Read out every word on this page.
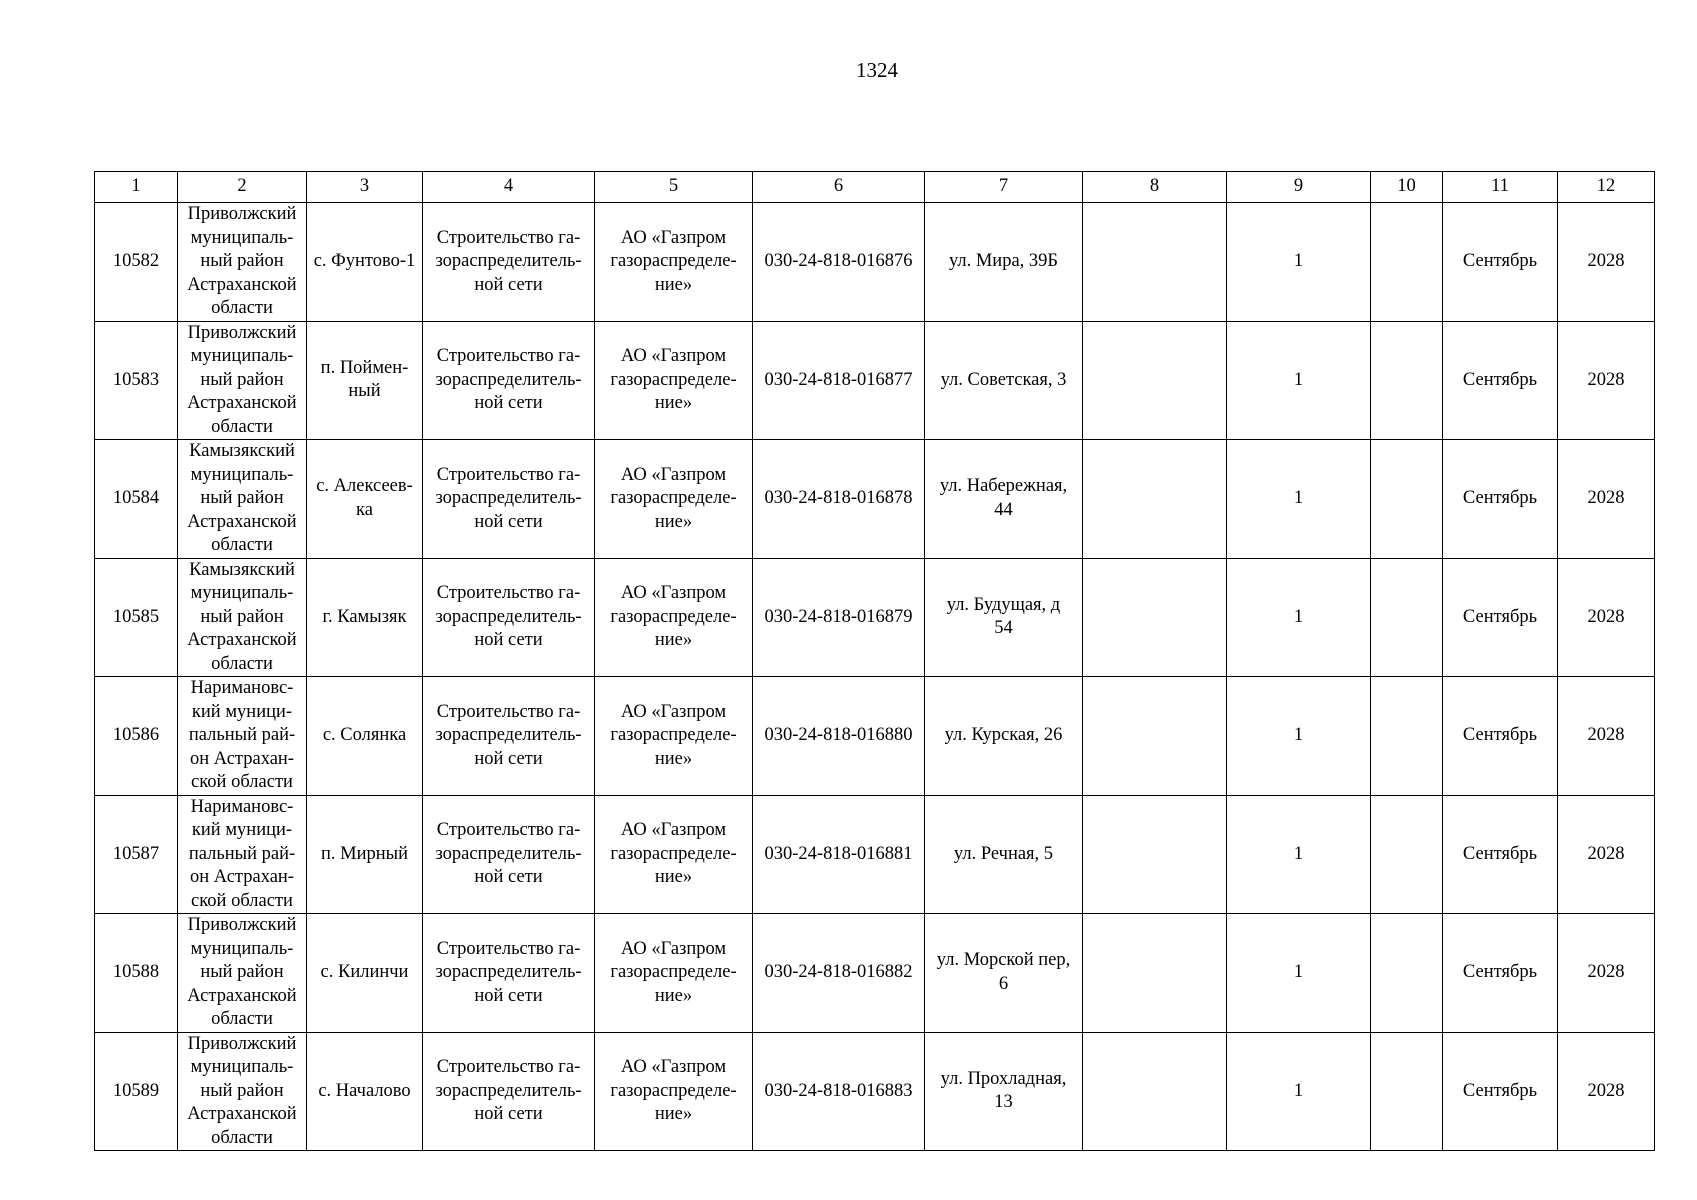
1324
1	2	3	4	5	6	7	8	9	10	11	12

10582	Приволжский
муниципаль-
ный район
Астраханской
области	с. Фунтово-1	Строительство га-
зораспределитель-
ной сети	АО «Газпром
газораспределе-
ние»	030-24-818-016876	ул. Мира, 39Б		1		Сентябрь	2028

10583	Приволжский
муниципаль-
ный район
Астраханской
области	п. Поймен-
ный	Строительство га-
зораспределитель-
ной сети	АО «Газпром
газораспределе-
ние»	030-24-818-016877	ул. Советская, 3		1		Сентябрь	2028

10584	Камызякский
муниципаль-
ный район
Астраханской
области	с. Алексеев-
ка	Строительство га-
зораспределитель-
ной сети	АО «Газпром
газораспределе-
ние»	030-24-818-016878	ул. Набережная,
44		1		Сентябрь	2028

10585	Камызякский
муниципаль-
ный район
Астраханской
области	г. Камызяк	Строительство га-
зораспределитель-
ной сети	АО «Газпром
газораспределе-
ние»	030-24-818-016879	ул. Будущая, д
54		1		Сентябрь	2028

10586	Наримановс-
кий муници-
пальный рай-
он Астрахан-
ской области	с. Солянка	Строительство га-
зораспределитель-
ной сети	АО «Газпром
газораспределе-
ние»	030-24-818-016880	ул. Курская, 26		1		Сентябрь	2028

10587	Наримановс-
кий муници-
пальный рай-
он Астрахан-
ской области	п. Мирный	Строительство га-
зораспределитель-
ной сети	АО «Газпром
газораспределе-
ние»	030-24-818-016881	ул. Речная, 5		1		Сентябрь	2028

10588	Приволжский
муниципаль-
ный район
Астраханской
области	с. Килинчи	Строительство га-
зораспределитель-
ной сети	АО «Газпром
газораспределе-
ние»	030-24-818-016882	ул. Морской пер,
6		1		Сентябрь	2028

10589	Приволжский
муниципаль-
ный район
Астраханской
области	с. Началово	Строительство га-
зораспределитель-
ной сети	АО «Газпром
газораспределе-
ние»	030-24-818-016883	ул. Прохладная,
13		1		Сентябрь	2028
